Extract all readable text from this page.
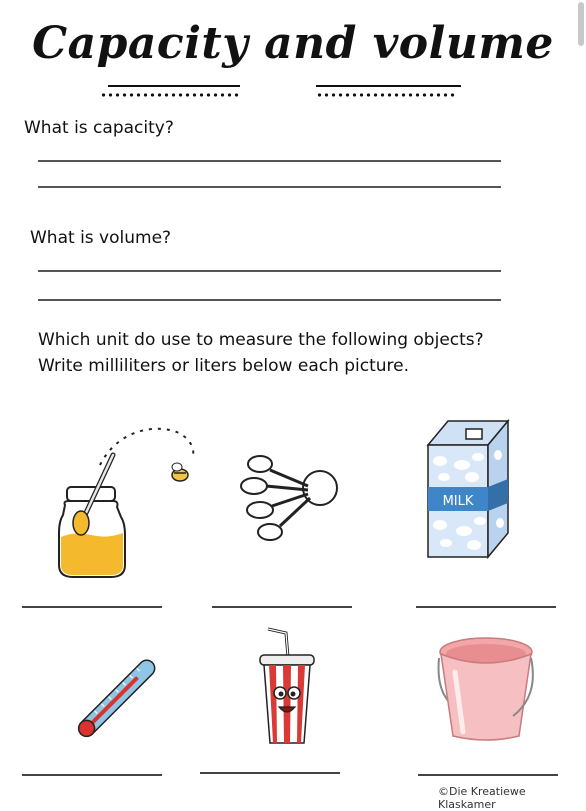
Capacity and volume
What is capacity?
What is volume?
Which unit do use to measure the following objects?
Write milliliters or liters below each picture.
MILK
©Die Kreatiewe Klaskamer
